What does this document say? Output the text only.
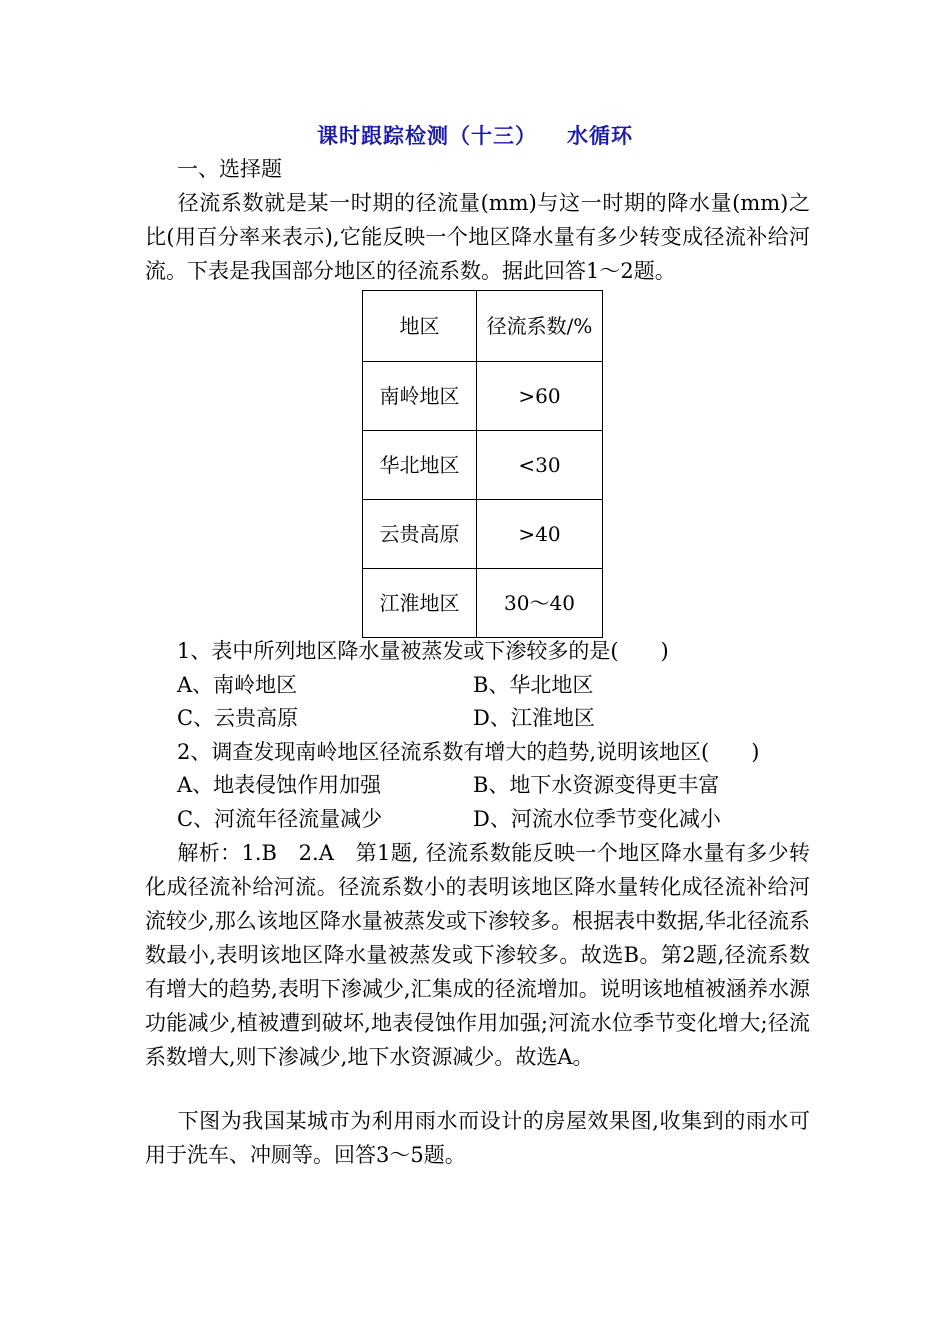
课时跟踪检测（十三） 水循环
一、选择题
径流系数就是某一时期的径流量(mm)与这一时期的降水量(mm)之比(用百分率来表示),它能反映一个地区降水量有多少转变成径流补给河流。下表是我国部分地区的径流系数。据此回答1～2题。
地区	径流系数/%
南岭地区	>60
华北地区	<30
云贵高原	>40
江淮地区	30～40
1、表中所列地区降水量被蒸发或下渗较多的是(　　)
A、南岭地区	B、华北地区
C、云贵高原	D、江淮地区
2、调查发现南岭地区径流系数有增大的趋势,说明该地区(　　)
A、地表侵蚀作用加强	B、地下水资源变得更丰富
C、河流年径流量减少	D、河流水位季节变化减小
解析：1.B　2.A　第1题, 径流系数能反映一个地区降水量有多少转化成径流补给河流。径流系数小的表明该地区降水量转化成径流补给河流较少,那么该地区降水量被蒸发或下渗较多。根据表中数据,华北径流系数最小,表明该地区降水量被蒸发或下渗较多。故选B。第2题,径流系数有增大的趋势,表明下渗减少,汇集成的径流增加。说明该地植被涵养水源功能减少,植被遭到破坏,地表侵蚀作用加强;河流水位季节变化增大;径流系数增大,则下渗减少,地下水资源减少。故选A。
下图为我国某城市为利用雨水而设计的房屋效果图,收集到的雨水可用于洗车、冲厕等。回答3～5题。
